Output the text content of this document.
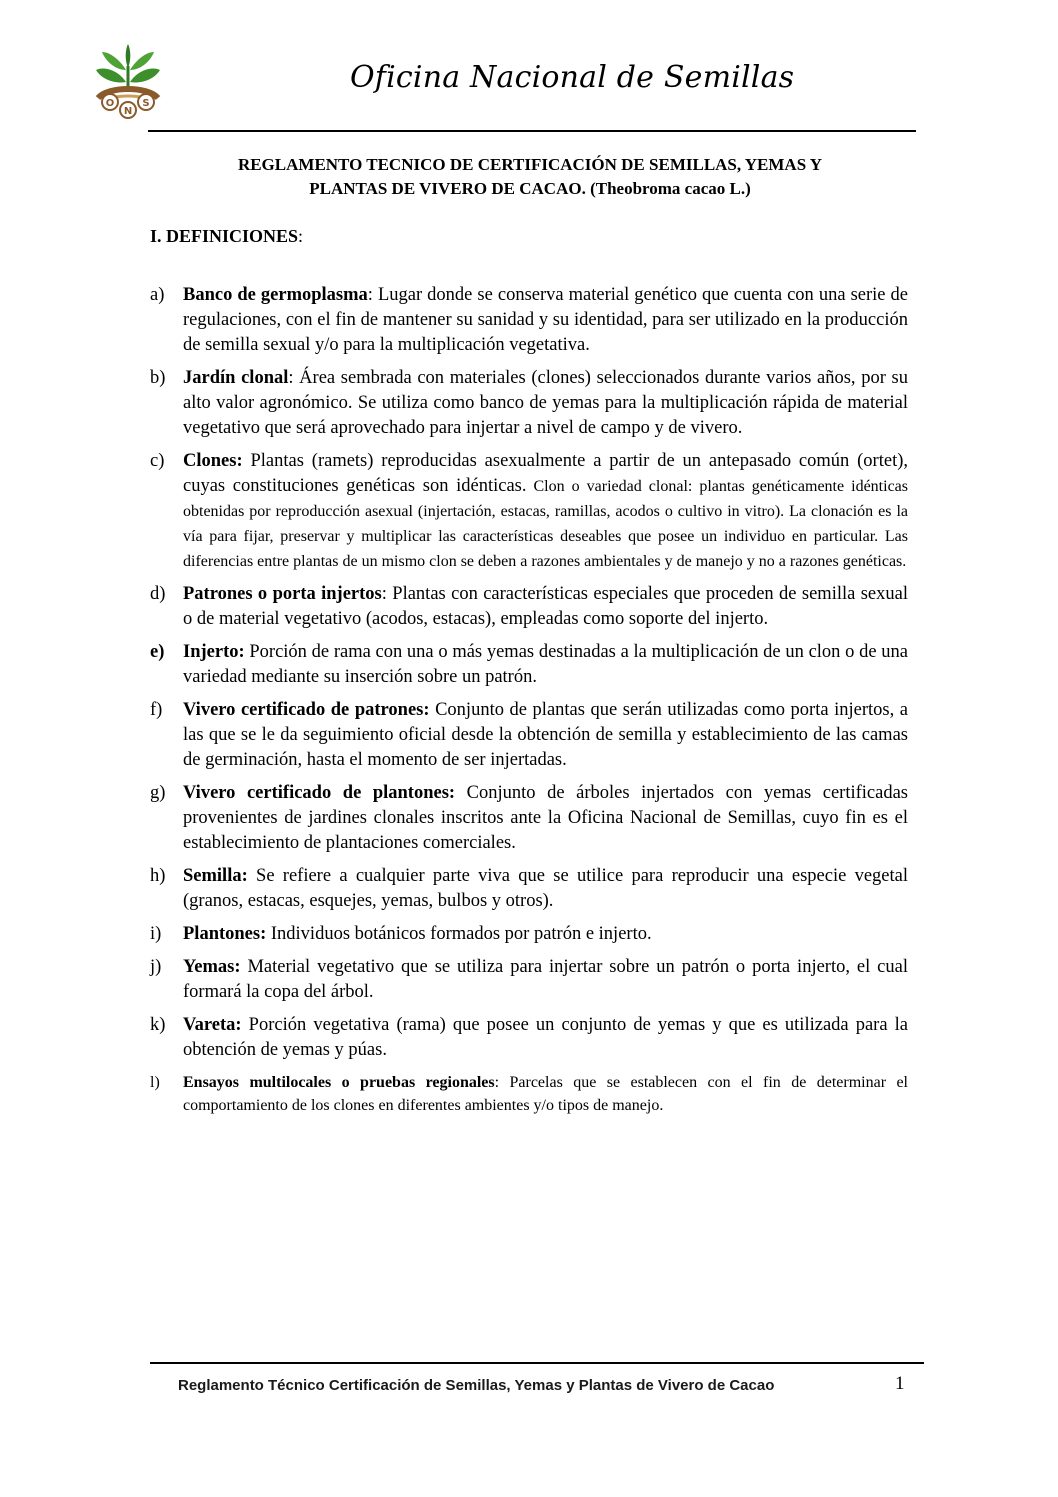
O
N
S
Oficina Nacional de Semillas
REGLAMENTO TECNICO DE CERTIFICACIÓN DE SEMILLAS, YEMAS Y
PLANTAS DE VIVERO DE CACAO. (Theobroma cacao L.)
I. DEFINICIONES:
a) Banco de germoplasma: Lugar donde se conserva material genético que cuenta con una serie de regulaciones, con el fin de mantener su sanidad y su identidad, para ser utilizado en la producción de semilla sexual y/o para la multiplicación vegetativa.
b) Jardín clonal: Área sembrada con materiales (clones) seleccionados durante varios años, por su alto valor agronómico. Se utiliza como banco de yemas para la multiplicación rápida de material vegetativo que será aprovechado para injertar a nivel de campo y de vivero.
c) Clones: Plantas (ramets) reproducidas asexualmente a partir de un antepasado común (ortet), cuyas constituciones genéticas son idénticas. Clon o variedad clonal: plantas genéticamente idénticas obtenidas por reproducción asexual (injertación, estacas, ramillas, acodos o cultivo in vitro). La clonación es la vía para fijar, preservar y multiplicar las características deseables que posee un individuo en particular. Las diferencias entre plantas de un mismo clon se deben a razones ambientales y de manejo y no a razones genéticas.
d) Patrones o porta injertos: Plantas con características especiales que proceden de semilla sexual o de material vegetativo (acodos, estacas), empleadas como soporte del injerto.
e) Injerto: Porción de rama con una o más yemas destinadas a la multiplicación de un clon o de una variedad mediante su inserción sobre un patrón.
f) Vivero certificado de patrones: Conjunto de plantas que serán utilizadas como porta injertos, a las que se le da seguimiento oficial desde la obtención de semilla y establecimiento de las camas de germinación, hasta el momento de ser injertadas.
g) Vivero certificado de plantones: Conjunto de árboles injertados con yemas certificadas provenientes de jardines clonales inscritos ante la Oficina Nacional de Semillas, cuyo fin es el establecimiento de plantaciones comerciales.
h) Semilla: Se refiere a cualquier parte viva que se utilice para reproducir una especie vegetal (granos, estacas, esquejes, yemas, bulbos y otros).
i) Plantones: Individuos botánicos formados por patrón e injerto.
j) Yemas: Material vegetativo que se utiliza para injertar sobre un patrón o porta injerto, el cual formará la copa del árbol.
k) Vareta: Porción vegetativa (rama) que posee un conjunto de yemas y que es utilizada para la obtención de yemas y púas.
l) Ensayos multilocales o pruebas regionales: Parcelas que se establecen con el fin de determinar el comportamiento de los clones en diferentes ambientes y/o tipos de manejo.
Reglamento Técnico Certificación de Semillas, Yemas y Plantas de Vivero de Cacao	1
